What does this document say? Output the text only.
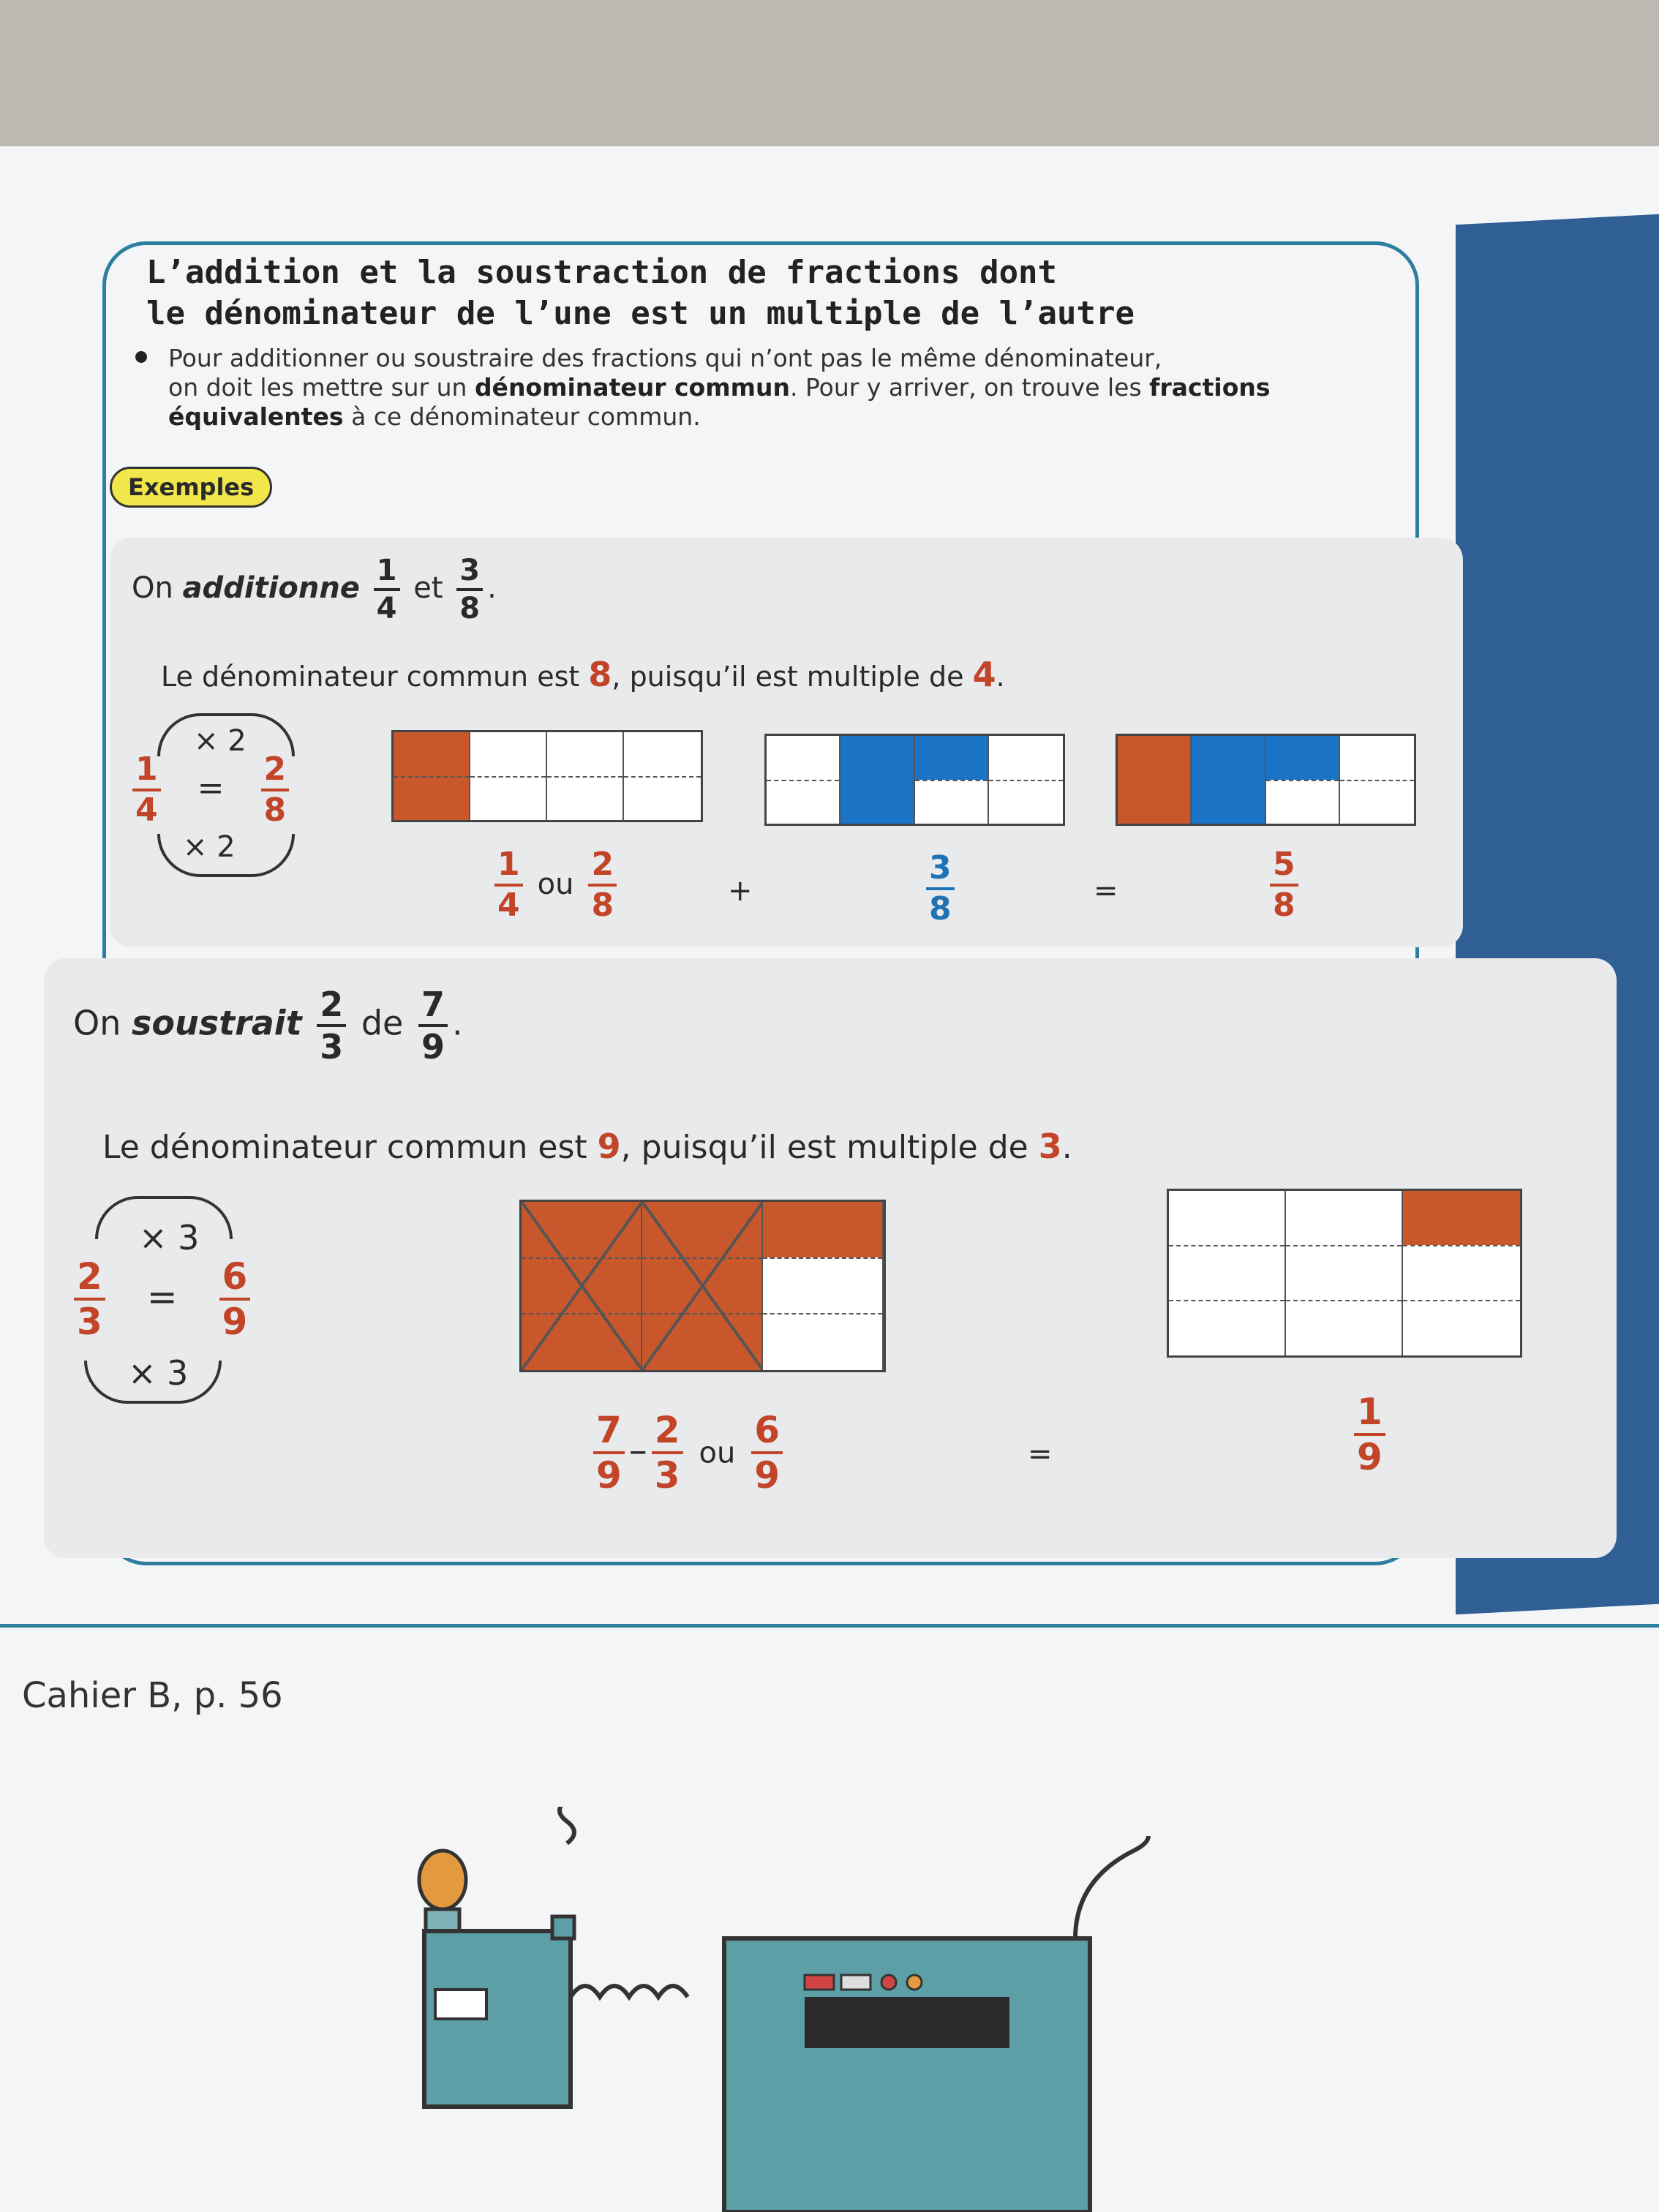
L’addition et la soustraction de fractions dont
le dénominateur de l’une est un multiple de l’autre
Pour additionner ou soustraire des fractions qui n’ont pas le même dénominateur,
on doit les mettre sur un dénominateur commun. Pour y arriver, on trouve les fractions
équivalentes à ce dénominateur commun.
Exemples
On additionne $\frac{1}{4}$ et $\frac{3}{8}$ .
Le dénominateur commun est 8, puisqu’il est multiple de 4.
× 2
$\frac{1}{4} = \frac{2}{8}$
× 2
$\frac{1}{4}$ ou $\frac{2}{8}$	+	$\frac{3}{8}$	=	$\frac{5}{8}$
On soustrait $\frac{2}{3}$ de $\frac{7}{9}$ .
Le dénominateur commun est 9, puisqu’il est multiple de 3.
× 3
$\frac{2}{3} = \frac{6}{9}$
× 3
$\frac{7}{9} - \frac{2}{3}$ ou $\frac{6}{9}$	=	$\frac{1}{9}$
Cahier B, p. 56
